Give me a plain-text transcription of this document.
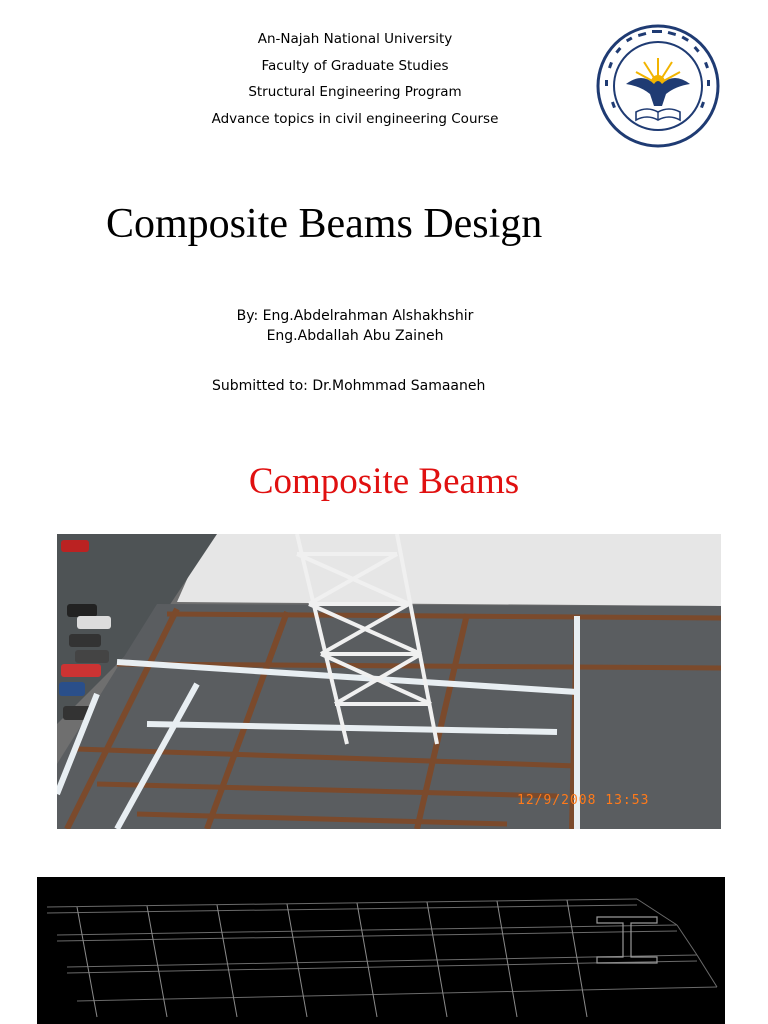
An-Najah National University
Faculty of Graduate Studies
Structural Engineering Program
Advance topics in civil engineering Course
Composite Beams Design
By: Eng.Abdelrahman Alshakhshir
Eng.Abdallah Abu Zaineh
Submitted to: Dr.Mohmmad Samaaneh
Composite Beams
12/9/2008 13:53
